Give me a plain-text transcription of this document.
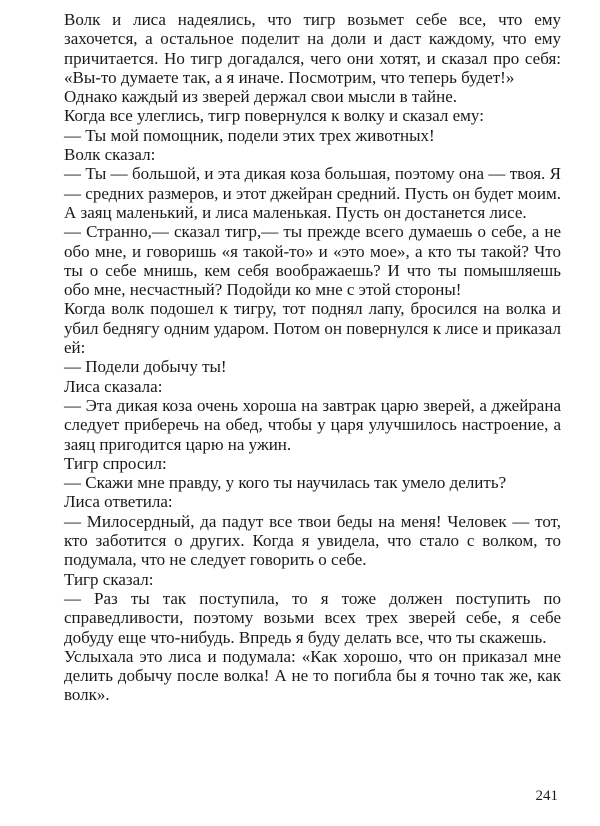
Волк и лиса надеялись, что тигр возьмет себе все, что ему захочется, а остальное поделит на доли и даст каждому, что ему причитается. Но тигр догадался, чего они хотят, и сказал про себя: «Вы-то думаете так, а я иначе. Посмотрим, что теперь будет!»

Однако каждый из зверей держал свои мысли в тайне.

Когда все улеглись, тигр повернулся к волку и сказал ему:

— Ты мой помощник, подели этих трех животных!

Волк сказал:

— Ты — большой, и эта дикая коза большая, поэтому она — твоя. Я — средних размеров, и этот джейран средний. Пусть он будет моим. А заяц маленький, и лиса маленькая. Пусть он достанется лисе.

— Странно,— сказал тигр,— ты прежде всего думаешь о себе, а не обо мне, и говоришь «я такой-то» и «это мое», а кто ты такой? Что ты о себе мнишь, кем себя воображаешь? И что ты помышляешь обо мне, несчастный? Подойди ко мне с этой стороны!

Когда волк подошел к тигру, тот поднял лапу, бросился на волка и убил беднягу одним ударом. Потом он повернулся к лисе и приказал ей:

— Подели добычу ты!

Лиса сказала:

— Эта дикая коза очень хороша на завтрак царю зверей, а джейрана следует приберечь на обед, чтобы у царя улучшилось настроение, а заяц пригодится царю на ужин.

Тигр спросил:

— Скажи мне правду, у кого ты научилась так умело делить?

Лиса ответила:

— Милосердный, да падут все твои беды на меня! Человек — тот, кто заботится о других. Когда я увидела, что стало с волком, то подумала, что не следует говорить о себе.

Тигр сказал:

— Раз ты так поступила, то я тоже должен поступить по справедливости, поэтому возьми всех трех зверей себе, я себе добуду еще что-нибудь. Впредь я буду делать все, что ты скажешь.

Услыхала это лиса и подумала: «Как хорошо, что он приказал мне делить добычу после волка! А не то погибла бы я точно так же, как волк».

241
